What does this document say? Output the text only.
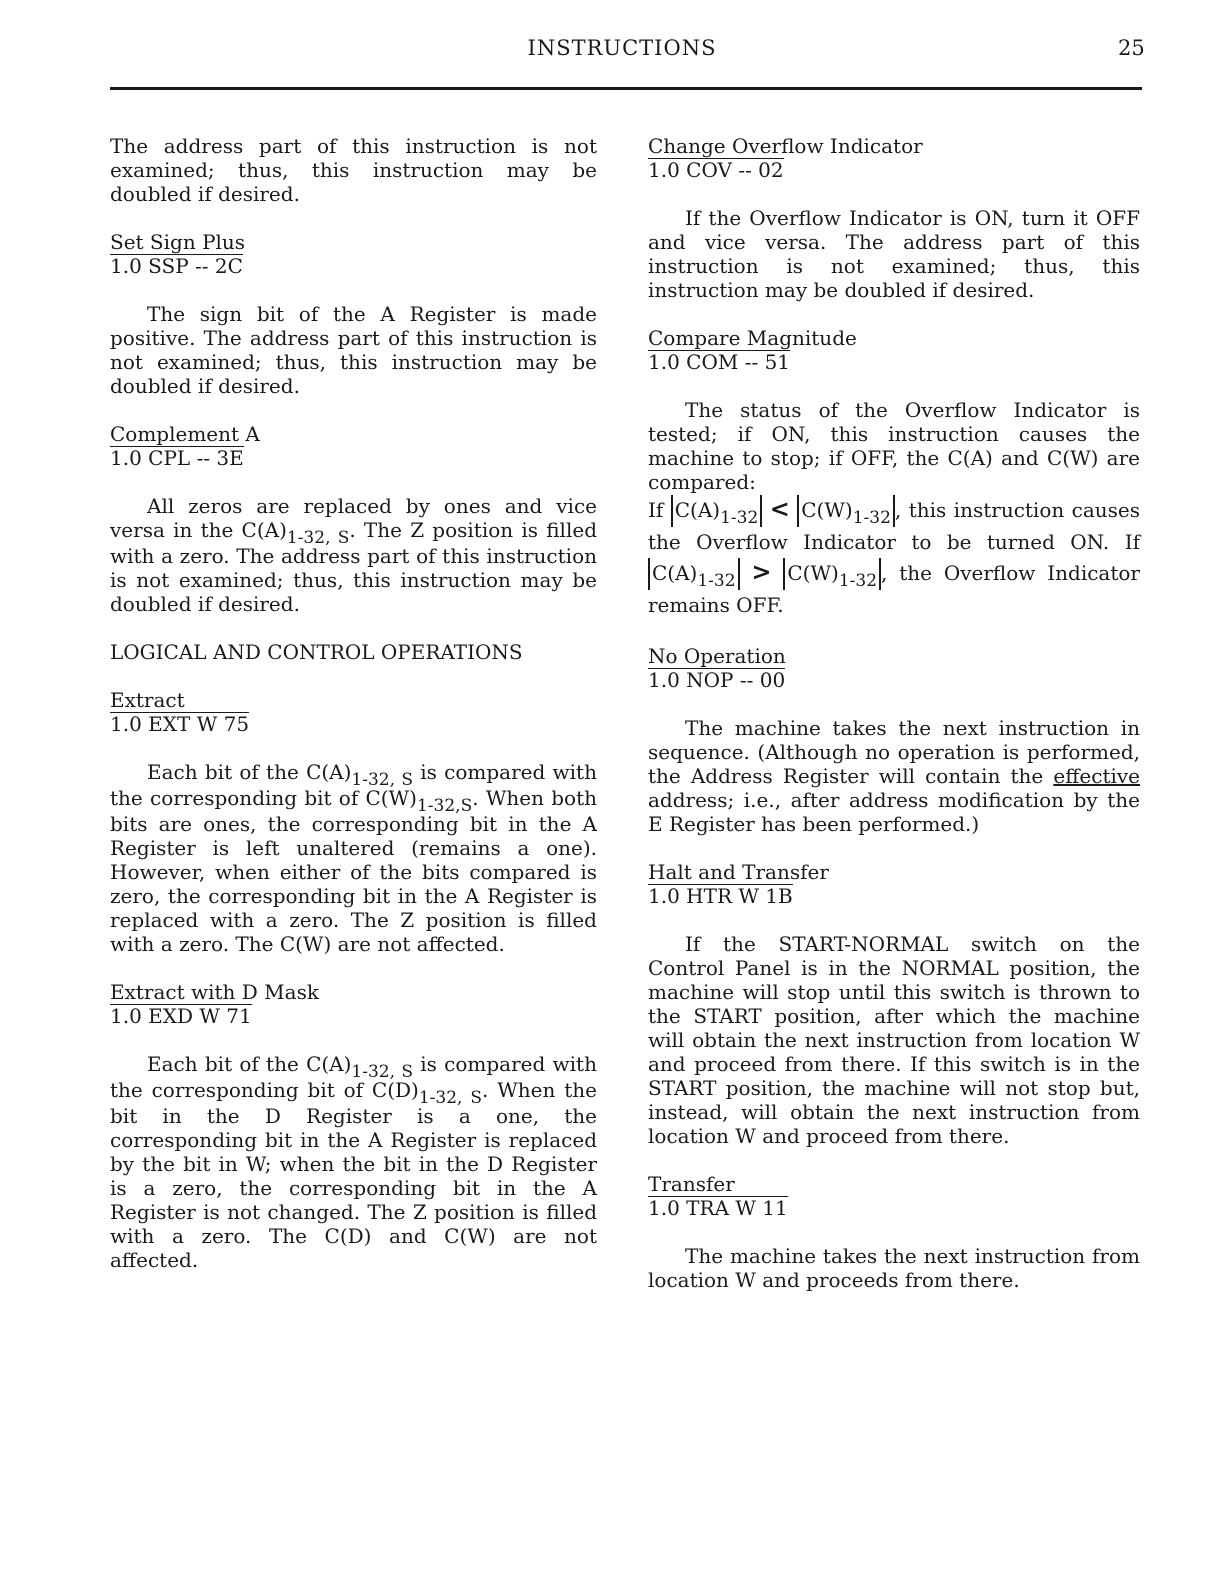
INSTRUCTIONS	25

The address part of this instruction is not examined; thus, this instruction may be doubled if desired.

Set Sign Plus
1.0 SSP -- 2C

The sign bit of the A Register is made positive. The address part of this instruction is not examined; thus, this instruction may be doubled if desired.

Complement A
1.0 CPL -- 3E

All zeros are replaced by ones and vice versa in the $C(A)_{1-32, S}$. The Z position is filled with a zero. The address part of this instruction is not examined; thus, this instruction may be doubled if desired.

LOGICAL AND CONTROL OPERATIONS
Extract
1.0 EXT W 75

Each bit of the $C(A)_{1-32, S}$ is compared with the corresponding bit of $C(W)_{1-32,S}$. When both bits are ones, the corresponding bit in the A Register is left unaltered (remains a one). However, when either of the bits compared is zero, the corresponding bit in the A Register is replaced with a zero. The Z position is filled with a zero. The C(W) are not affected.

Extract with D Mask
1.0 EXD W 71

Each bit of the $C(A)_{1-32, S}$ is compared with the corresponding bit of $C(D)_{1-32, S}$. When the bit in the D Register is a one, the corresponding bit in the A Register is replaced by the bit in W; when the bit in the D Register is a zero, the corresponding bit in the A Register is not changed. The Z position is filled with a zero. The C(D) and C(W) are not affected.

Change Overflow Indicator
1.0 COV -- 02

If the Overflow Indicator is ON, turn it OFF and vice versa. The address part of this instruction is not examined; thus, this instruction may be doubled if desired.

Compare Magnitude
1.0 COM -- 51

The status of the Overflow Indicator is tested; if ON, this instruction causes the machine to stop; if OFF, the C(A) and C(W) are compared:

If $C(A)_{1-32} < C(W)_{1-32}$ , this instruction causes the Overflow Indicator to be turned ON. If $C(A)_{1-32} > C(W)_{1-32}$ , the Overflow Indicator remains OFF.

No Operation
1.0 NOP -- 00

The machine takes the next instruction in sequence. (Although no operation is performed, the Address Register will contain the effective address; i.e., after address modification by the E Register has been performed.)

Halt and Transfer
1.0 HTR W 1B

If the START-NORMAL switch on the Control Panel is in the NORMAL position, the machine will stop until this switch is thrown to the START position, after which the machine will obtain the next instruction from location W and proceed from there. If this switch is in the START position, the machine will not stop but, instead, will obtain the next instruction from location W and proceed from there.

Transfer
1.0 TRA W 11

The machine takes the next instruction from location W and proceeds from there.
